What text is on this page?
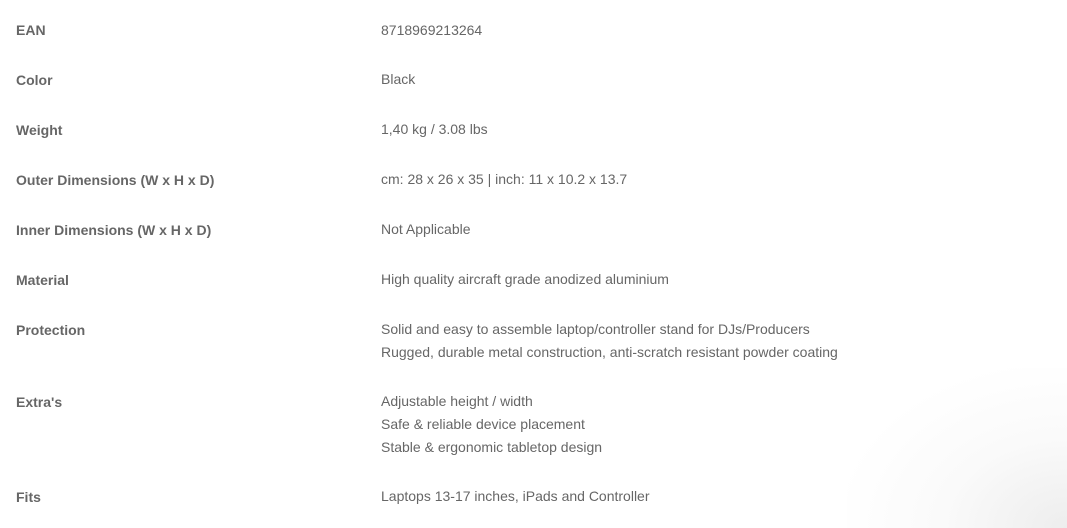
EAN	8718969213264
Color	Black
Weight	1,40 kg / 3.08 lbs
Outer Dimensions (W x H x D)	cm: 28 x 26 x 35 | inch: 11 x 10.2 x 13.7
Inner Dimensions (W x H x D)	Not Applicable
Material	High quality aircraft grade anodized aluminium
Protection	Solid and easy to assemble laptop/controller stand for DJs/Producers
Rugged, durable metal construction, anti-scratch resistant powder coating
Extra's	Adjustable height / width
Safe & reliable device placement
Stable & ergonomic tabletop design
Fits	Laptops 13-17 inches, iPads and Controller
